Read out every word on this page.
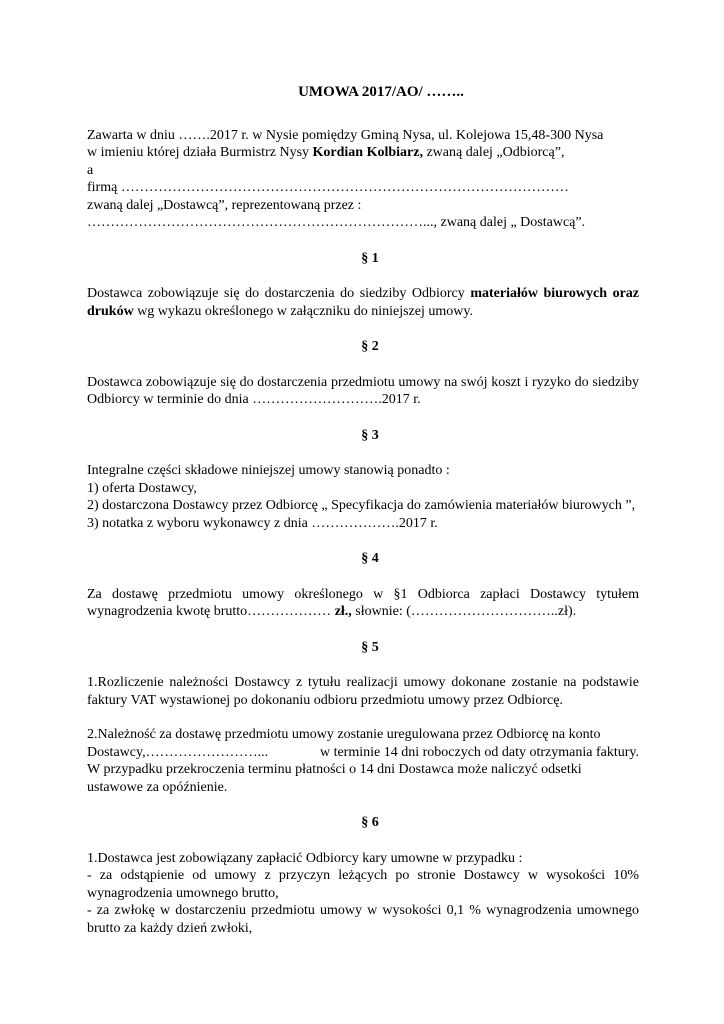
UMOWA 2017/AO/ ……..

Zawarta w dniu …….2017 r. w Nysie pomiędzy Gminą Nysa, ul. Kolejowa 15,48-300 Nysa

w imieniu której działa Burmistrz Nysy Kordian Kolbiarz, zwaną dalej „Odbiorcą”,

a

firmą ……………………………………………………………………………………

zwaną dalej „Dostawcą”, reprezentowaną przez :

………………………………………………………………..., zwaną dalej „ Dostawcą”.

§ 1

Dostawca zobowiązuje się do dostarczenia do siedziby Odbiorcy materiałów biurowych oraz druków wg wykazu określonego w załączniku do niniejszej umowy.

§ 2

Dostawca zobowiązuje się do dostarczenia przedmiotu umowy na swój koszt i ryzyko do siedziby Odbiorcy w terminie do dnia ……………………….2017 r.

§ 3

Integralne części składowe niniejszej umowy stanowią ponadto :

1) oferta Dostawcy,

2) dostarczona Dostawcy przez Odbiorcę „ Specyfikacja do zamówienia materiałów biurowych ”,

3) notatka z wyboru wykonawcy z dnia ……………….2017 r.

§ 4

Za dostawę przedmiotu umowy określonego w §1 Odbiorca zapłaci Dostawcy tytułem wynagrodzenia kwotę brutto……………… zł., słownie: (…………………………..zł).

§ 5

1.Rozliczenie należności Dostawcy z tytułu realizacji umowy dokonane zostanie na podstawie faktury VAT wystawionej po dokonaniu odbioru przedmiotu umowy przez Odbiorcę.

2.Należność za dostawę przedmiotu umowy zostanie uregulowana przez Odbiorcę na konto

Dostawcy,……………………...	w terminie 14 dni roboczych od daty otrzymania faktury.

W przypadku przekroczenia terminu płatności o 14 dni Dostawca może naliczyć odsetki

ustawowe za opóźnienie.

§ 6

1.Dostawca jest zobowiązany zapłacić Odbiorcy kary umowne w przypadku :

- za odstąpienie od umowy z przyczyn leżących po stronie Dostawcy w wysokości 10% wynagrodzenia umownego brutto,

- za zwłokę w dostarczeniu przedmiotu umowy w wysokości 0,1 % wynagrodzenia umownego brutto za każdy dzień zwłoki,
